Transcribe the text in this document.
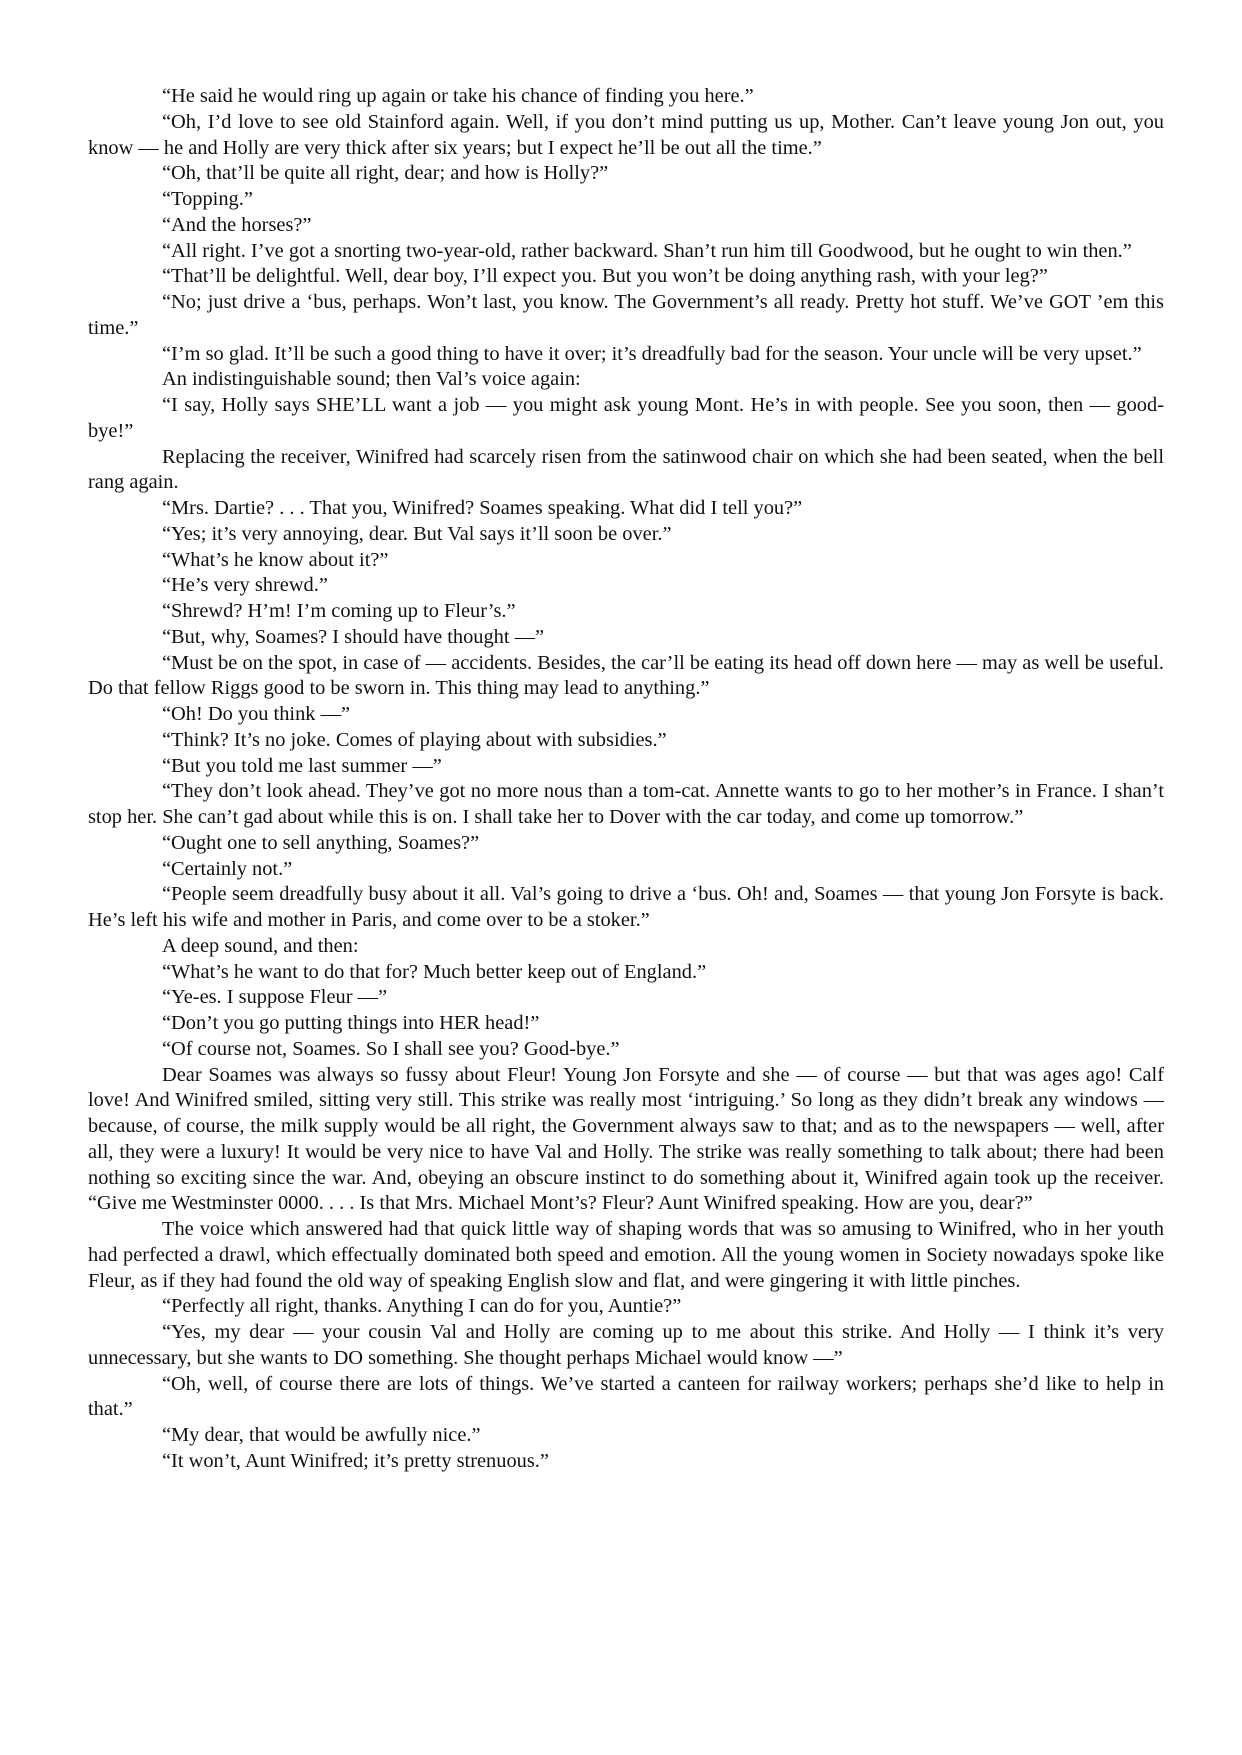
“He said he would ring up again or take his chance of finding you here.”

“Oh, I’d love to see old Stainford again. Well, if you don’t mind putting us up, Mother. Can’t leave young Jon out, you know — he and Holly are very thick after six years; but I expect he’ll be out all the time.”

“Oh, that’ll be quite all right, dear; and how is Holly?”

“Topping.”

“And the horses?”

“All right. I’ve got a snorting two-year-old, rather backward. Shan’t run him till Goodwood, but he ought to win then.”

“That’ll be delightful. Well, dear boy, I’ll expect you. But you won’t be doing anything rash, with your leg?”

“No; just drive a ‘bus, perhaps. Won’t last, you know. The Government’s all ready. Pretty hot stuff. We’ve GOT ’em this time.”

“I’m so glad. It’ll be such a good thing to have it over; it’s dreadfully bad for the season. Your uncle will be very upset.”

An indistinguishable sound; then Val’s voice again:

“I say, Holly says SHE’LL want a job — you might ask young Mont. He’s in with people. See you soon, then — good-bye!”

Replacing the receiver, Winifred had scarcely risen from the satinwood chair on which she had been seated, when the bell rang again.

“Mrs. Dartie? . . . That you, Winifred? Soames speaking. What did I tell you?”

“Yes; it’s very annoying, dear. But Val says it’ll soon be over.”

“What’s he know about it?”

“He’s very shrewd.”

“Shrewd? H’m! I’m coming up to Fleur’s.”

“But, why, Soames? I should have thought —”

“Must be on the spot, in case of — accidents. Besides, the car’ll be eating its head off down here — may as well be useful. Do that fellow Riggs good to be sworn in. This thing may lead to anything.”

“Oh! Do you think —”

“Think? It’s no joke. Comes of playing about with subsidies.”

“But you told me last summer —”

“They don’t look ahead. They’ve got no more nous than a tom-cat. Annette wants to go to her mother’s in France. I shan’t stop her. She can’t gad about while this is on. I shall take her to Dover with the car today, and come up tomorrow.”

“Ought one to sell anything, Soames?”

“Certainly not.”

“People seem dreadfully busy about it all. Val’s going to drive a ‘bus. Oh! and, Soames — that young Jon Forsyte is back. He’s left his wife and mother in Paris, and come over to be a stoker.”

A deep sound, and then:

“What’s he want to do that for? Much better keep out of England.”

“Ye-es. I suppose Fleur —”

“Don’t you go putting things into HER head!”

“Of course not, Soames. So I shall see you? Good-bye.”

Dear Soames was always so fussy about Fleur! Young Jon Forsyte and she — of course — but that was ages ago! Calf love! And Winifred smiled, sitting very still. This strike was really most ‘intriguing.’ So long as they didn’t break any windows — because, of course, the milk supply would be all right, the Government always saw to that; and as to the newspapers — well, after all, they were a luxury! It would be very nice to have Val and Holly. The strike was really something to talk about; there had been nothing so exciting since the war. And, obeying an obscure instinct to do something about it, Winifred again took up the receiver. “Give me Westminster 0000. . . . Is that Mrs. Michael Mont’s? Fleur? Aunt Winifred speaking. How are you, dear?”

The voice which answered had that quick little way of shaping words that was so amusing to Winifred, who in her youth had perfected a drawl, which effectually dominated both speed and emotion. All the young women in Society nowadays spoke like Fleur, as if they had found the old way of speaking English slow and flat, and were gingering it with little pinches.

“Perfectly all right, thanks. Anything I can do for you, Auntie?”

“Yes, my dear — your cousin Val and Holly are coming up to me about this strike. And Holly — I think it’s very unnecessary, but she wants to DO something. She thought perhaps Michael would know —”

“Oh, well, of course there are lots of things. We’ve started a canteen for railway workers; perhaps she’d like to help in that.”

“My dear, that would be awfully nice.”

“It won’t, Aunt Winifred; it’s pretty strenuous.”
